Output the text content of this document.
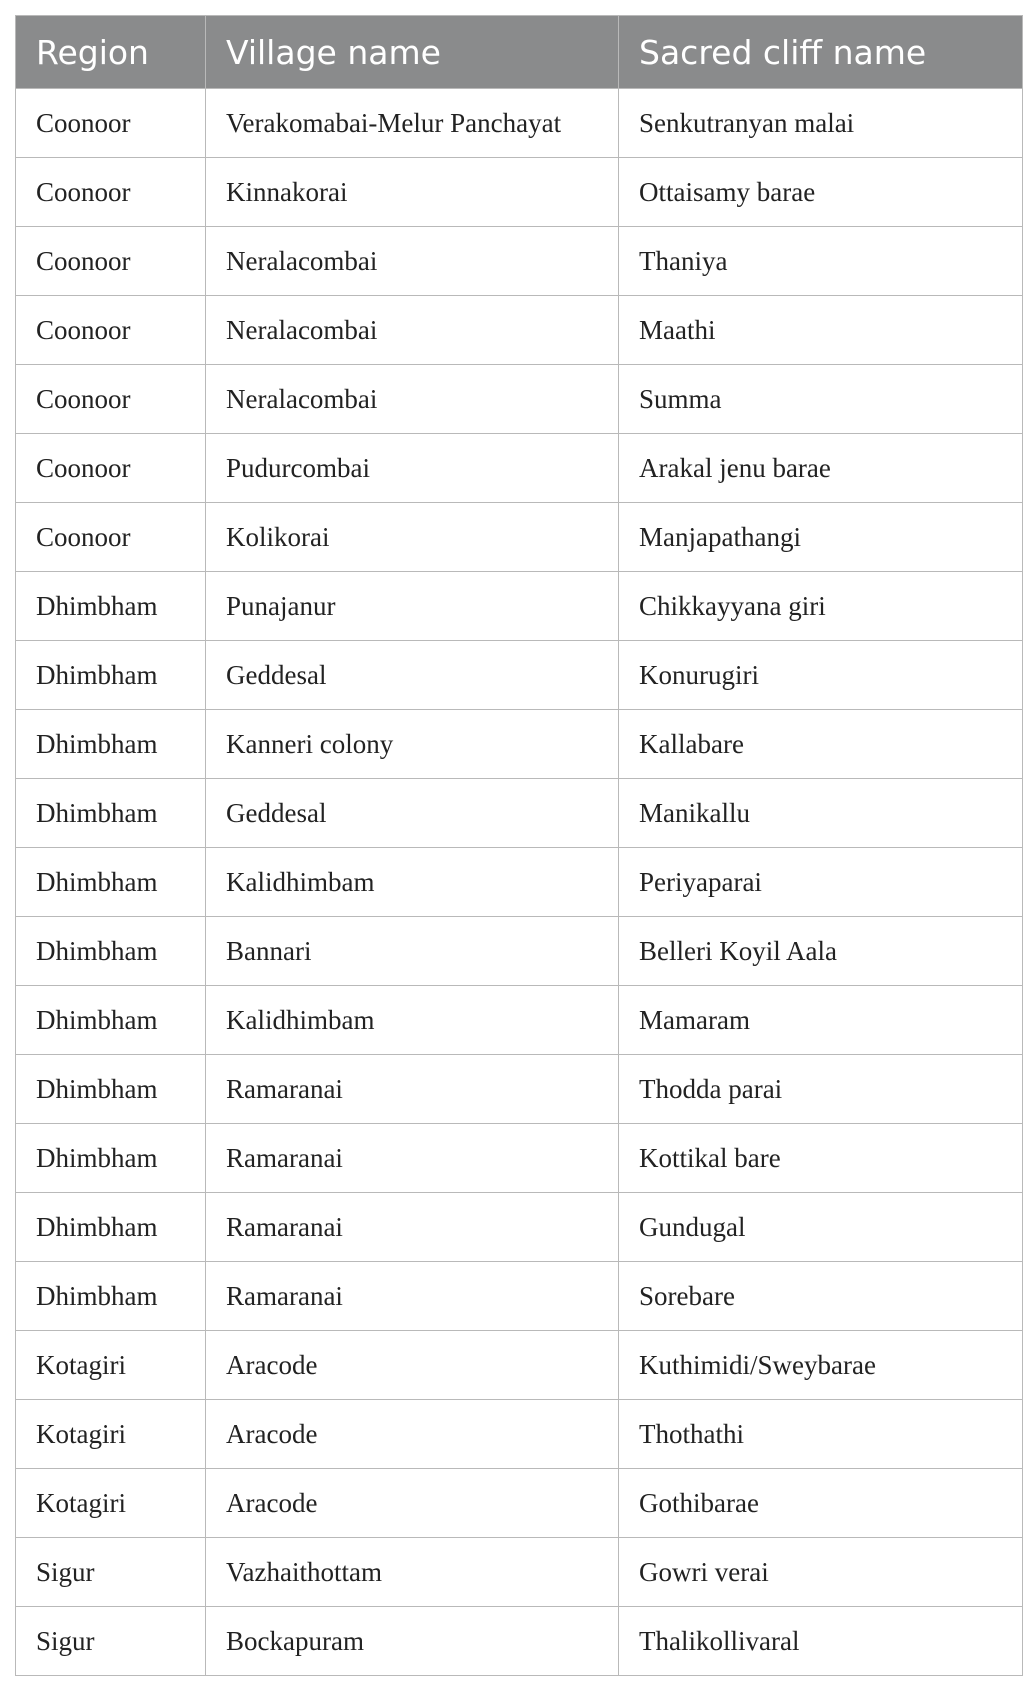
Region	Village name	Sacred cliff name
Coonoor	Verakomabai-Melur Panchayat	Senkutranyan malai
Coonoor	Kinnakorai	Ottaisamy barae
Coonoor	Neralacombai	Thaniya
Coonoor	Neralacombai	Maathi
Coonoor	Neralacombai	Summa
Coonoor	Pudurcombai	Arakal jenu barae
Coonoor	Kolikorai	Manjapathangi
Dhimbham	Punajanur	Chikkayyana giri
Dhimbham	Geddesal	Konurugiri
Dhimbham	Kanneri colony	Kallabare
Dhimbham	Geddesal	Manikallu
Dhimbham	Kalidhimbam	Periyaparai
Dhimbham	Bannari	Belleri Koyil Aala
Dhimbham	Kalidhimbam	Mamaram
Dhimbham	Ramaranai	Thodda parai
Dhimbham	Ramaranai	Kottikal bare
Dhimbham	Ramaranai	Gundugal
Dhimbham	Ramaranai	Sorebare
Kotagiri	Aracode	Kuthimidi/Sweybarae
Kotagiri	Aracode	Thothathi
Kotagiri	Aracode	Gothibarae
Sigur	Vazhaithottam	Gowri verai
Sigur	Bockapuram	Thalikollivaral
